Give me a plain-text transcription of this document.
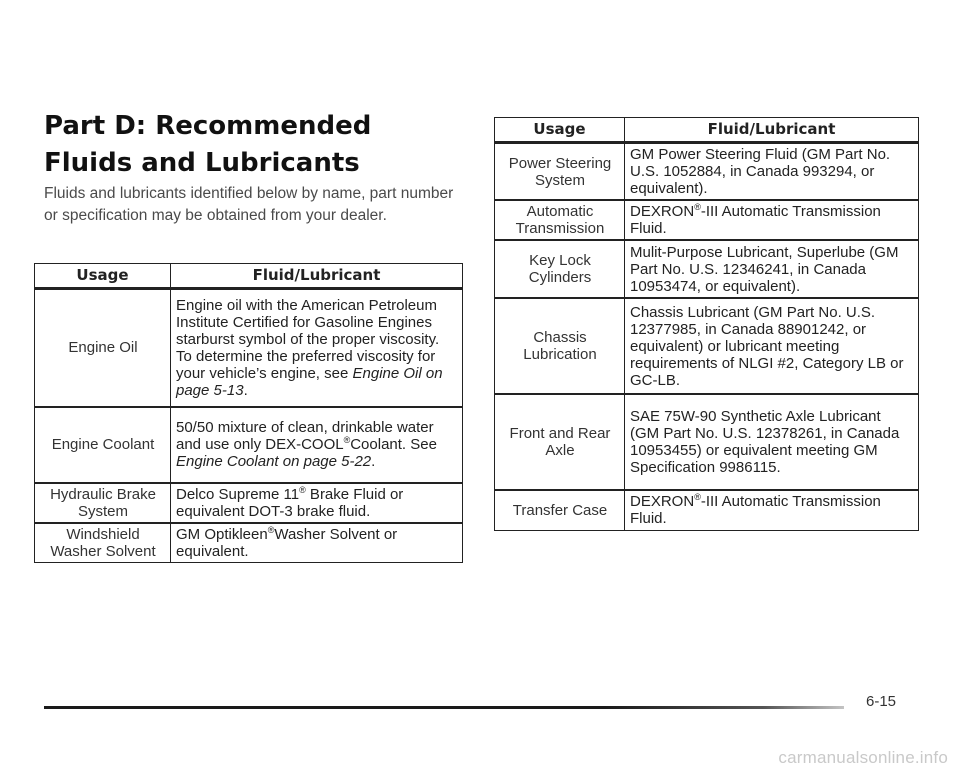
Part D: Recommended Fluids and Lubricants

Fluids and lubricants identified below by name, part number or specification may be obtained from your dealer.

Usage	Fluid/Lubricant
Engine Oil	Engine oil with the American Petroleum Institute Certified for Gasoline Engines starburst symbol of the proper viscosity. To determine the preferred viscosity for your vehicle’s engine, see Engine Oil on page 5-13.
Engine Coolant	50/50 mixture of clean, drinkable water and use only DEX-COOL®Coolant. See Engine Coolant on page 5-22.
Hydraulic Brake System	Delco Supreme 11® Brake Fluid or equivalent DOT-3 brake fluid.
Windshield Washer Solvent	GM Optikleen®Washer Solvent or equivalent.
Usage	Fluid/Lubricant
Power Steering System	GM Power Steering Fluid (GM Part No. U.S. 1052884, in Canada 993294, or equivalent).
Automatic Transmission	DEXRON®-III Automatic Transmission Fluid.
Key Lock Cylinders	Mulit-Purpose Lubricant, Superlube (GM Part No. U.S. 12346241, in Canada 10953474, or equivalent).
Chassis Lubrication	Chassis Lubricant (GM Part No. U.S. 12377985, in Canada 88901242, or equivalent) or lubricant meeting requirements of NLGI #2, Category LB or GC-LB.
Front and Rear Axle	SAE 75W-90 Synthetic Axle Lubricant (GM Part No. U.S. 12378261, in Canada 10953455) or equivalent meeting GM Specification 9986115.
Transfer Case	DEXRON®-III Automatic Transmission Fluid.
6-15
carmanualsonline.info
